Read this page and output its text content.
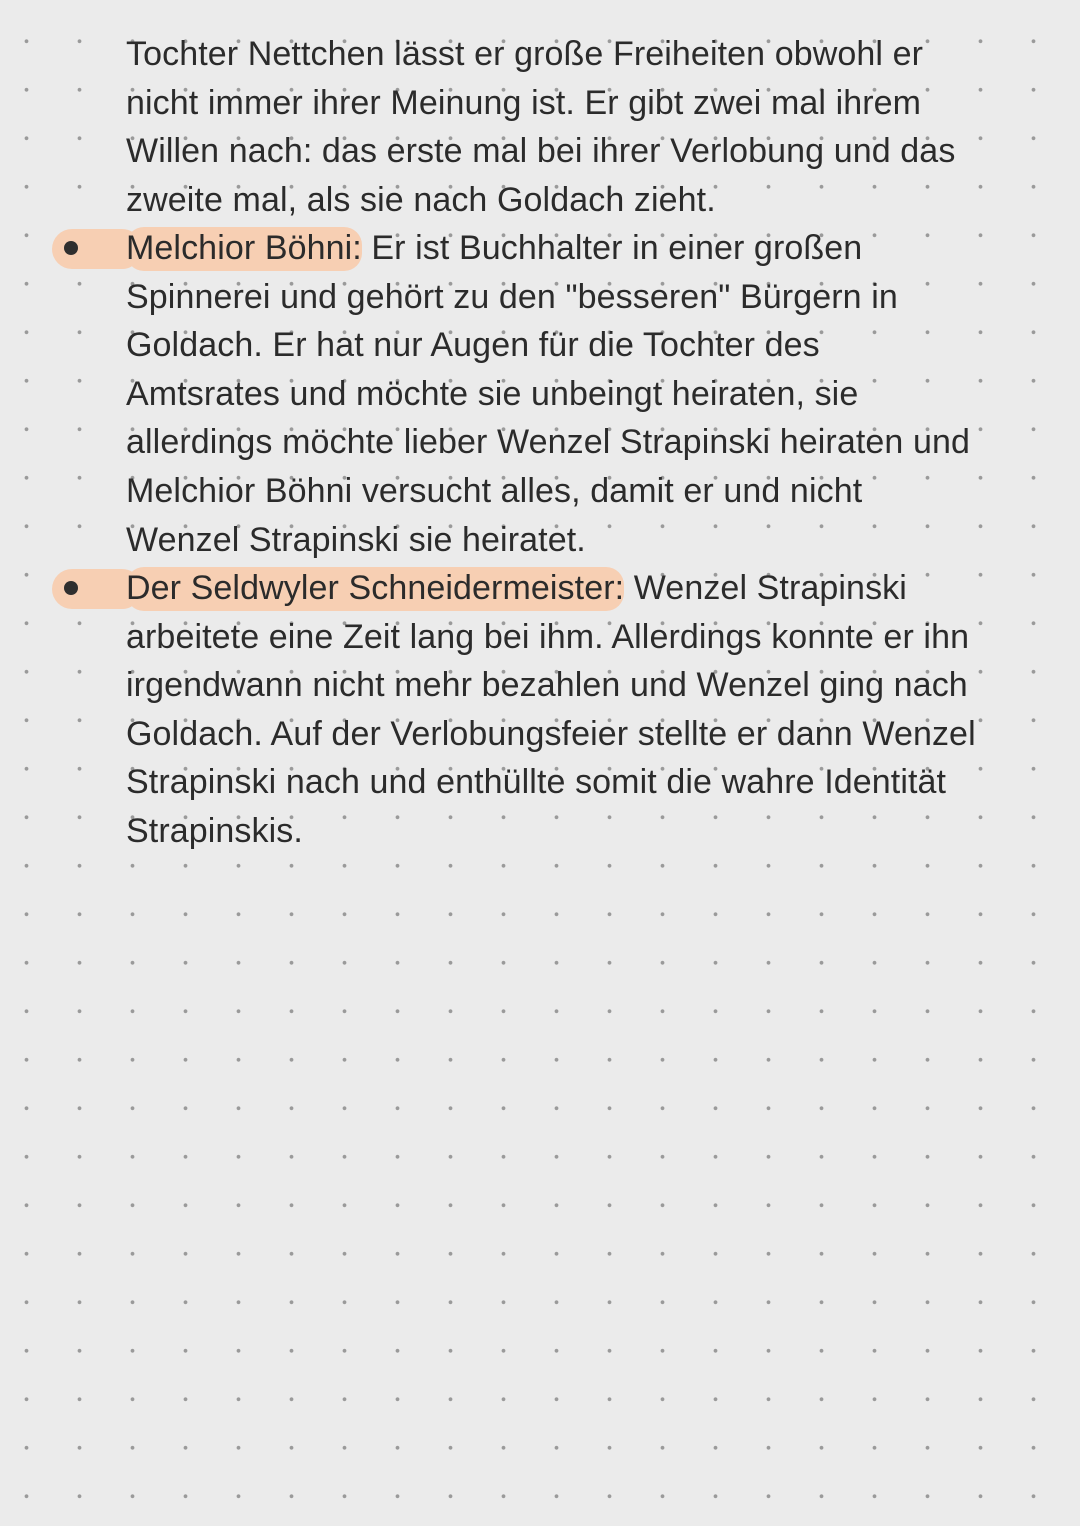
Tochter Nettchen lässt er große Freiheiten obwohl er
nicht immer ihrer Meinung ist. Er gibt zwei mal ihrem
Willen nach: das erste mal bei ihrer Verlobung und das
zweite mal, als sie nach Goldach zieht.
Melchior Böhni: Er ist Buchhalter in einer großen
Spinnerei und gehört zu den "besseren" Bürgern in
Goldach. Er hat nur Augen für die Tochter des
Amtsrates und möchte sie unbeingt heiraten, sie
allerdings möchte lieber Wenzel Strapinski heiraten und
Melchior Böhni versucht alles, damit er und nicht
Wenzel Strapinski sie heiratet.
Der Seldwyler Schneidermeister: Wenzel Strapinski
arbeitete eine Zeit lang bei ihm. Allerdings konnte er ihn
irgendwann nicht mehr bezahlen und Wenzel ging nach
Goldach. Auf der Verlobungsfeier stellte er dann Wenzel
Strapinski nach und enthüllte somit die wahre Identität
Strapinskis.
